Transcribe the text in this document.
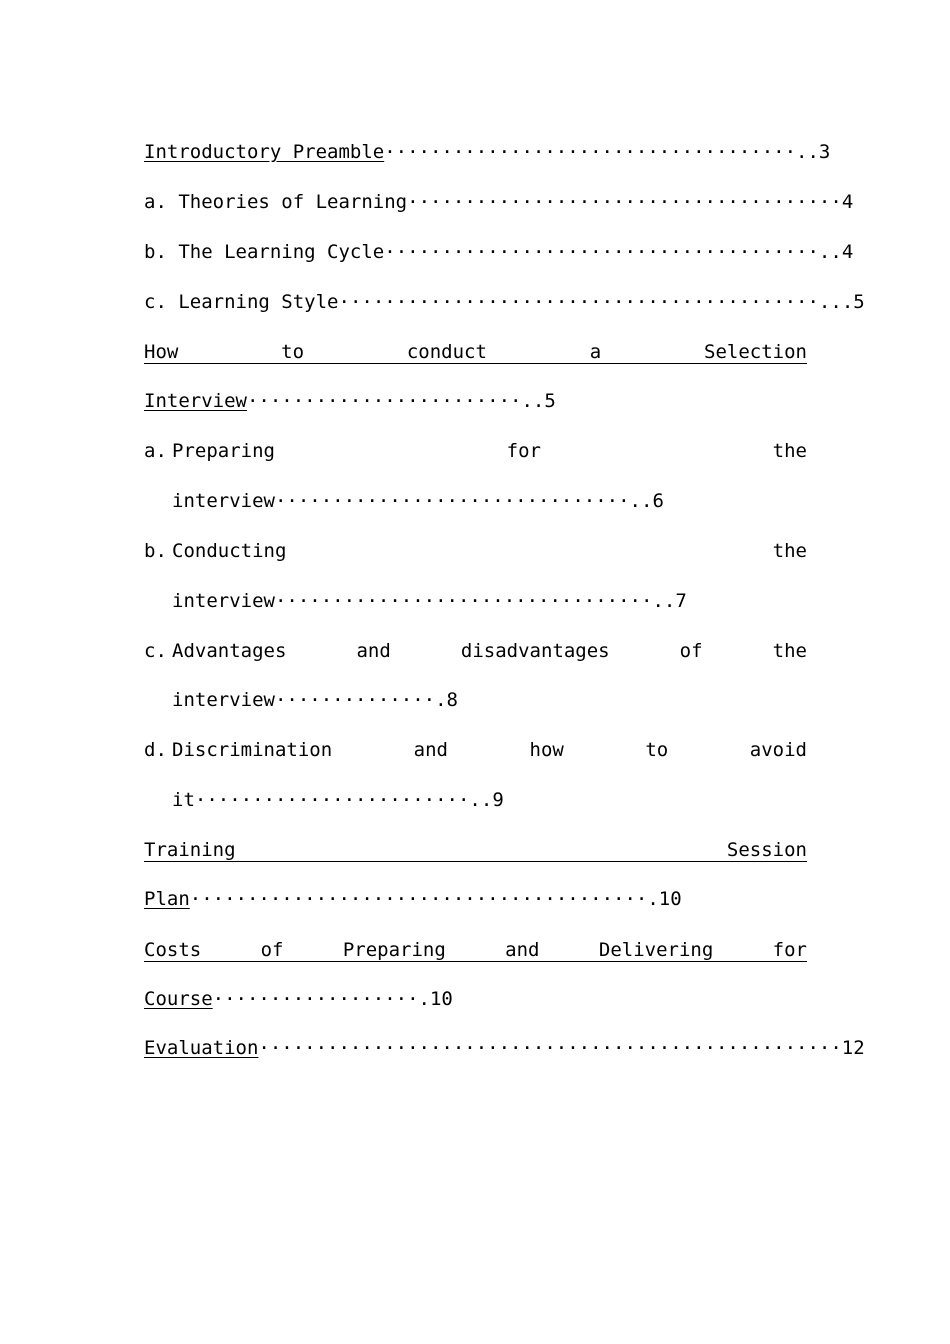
Introductory Preamble····································..3
a. Theories of Learning······································4
b. The Learning Cycle······································..4
c. Learning Style··········································...5
How	to	conduct	a	Selection
Interview························..5
a. Preparing	for	the
interview·······························..6
b. Conducting	the
interview·································..7
c. Advantages	and	disadvantages	of	the
interview··············.8
d. Discrimination	and	how	to	avoid
it························..9
Training	Session
Plan········································.10
Costs	of	Preparing	and	Delivering	for
Course··················.10
Evaluation···················································12
